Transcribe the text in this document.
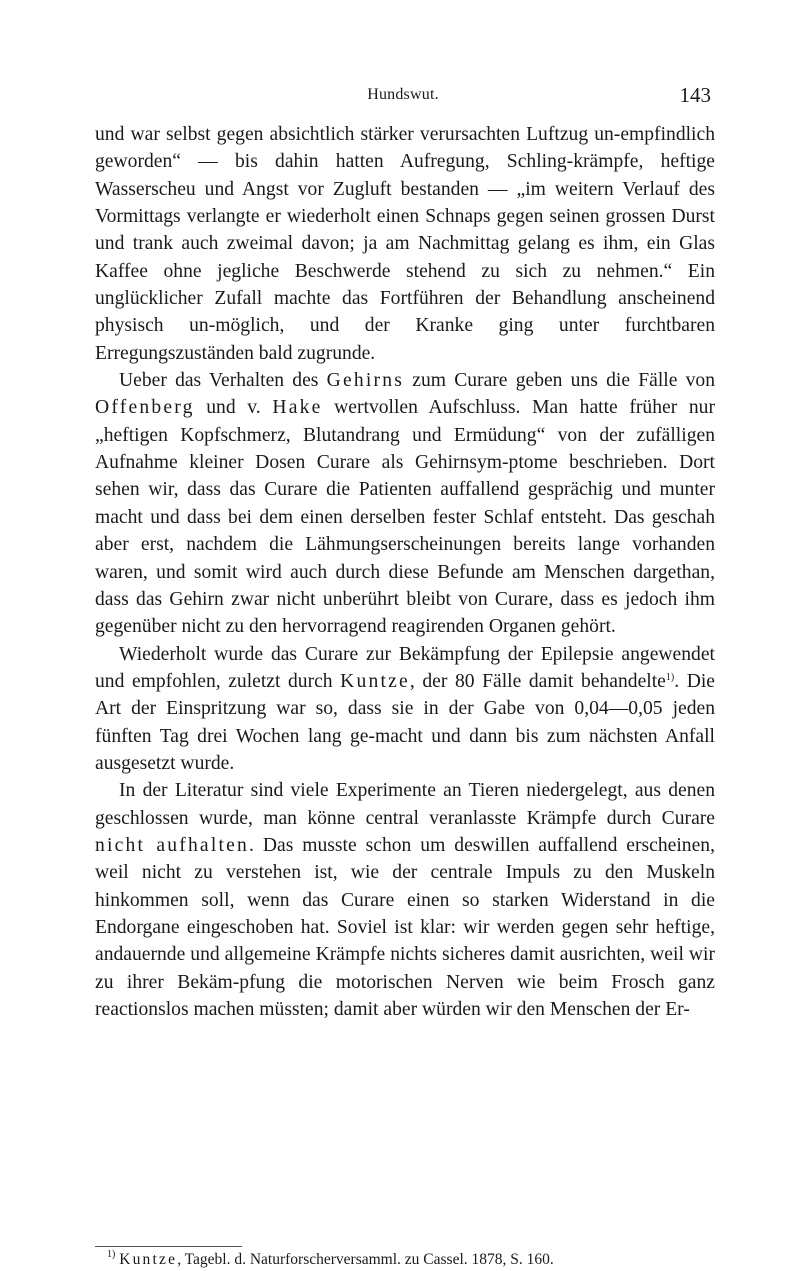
Hundswut.	143

und war selbst gegen absichtlich stärker verursachten Luftzug un-empfindlich geworden“ — bis dahin hatten Aufregung, Schling-krämpfe, heftige Wasserscheu und Angst vor Zugluft bestanden — „im weitern Verlauf des Vormittags verlangte er wiederholt einen Schnaps gegen seinen grossen Durst und trank auch zweimal davon; ja am Nachmittag gelang es ihm, ein Glas Kaffee ohne jegliche Beschwerde stehend zu sich zu nehmen.“ Ein unglücklicher Zufall machte das Fortführen der Behandlung anscheinend physisch un-möglich, und der Kranke ging unter furchtbaren Erregungszuständen bald zugrunde.

Ueber das Verhalten des Gehirns zum Curare geben uns die Fälle von Offenberg und v. Hake wertvollen Aufschluss. Man hatte früher nur „heftigen Kopfschmerz, Blutandrang und Ermüdung“ von der zufälligen Aufnahme kleiner Dosen Curare als Gehirnsym-ptome beschrieben. Dort sehen wir, dass das Curare die Patienten auffallend gesprächig und munter macht und dass bei dem einen derselben fester Schlaf entsteht. Das geschah aber erst, nachdem die Lähmungserscheinungen bereits lange vorhanden waren, und somit wird auch durch diese Befunde am Menschen dargethan, dass das Gehirn zwar nicht unberührt bleibt von Curare, dass es jedoch ihm gegenüber nicht zu den hervorragend reagirenden Organen gehört.

Wiederholt wurde das Curare zur Bekämpfung der Epilepsie angewendet und empfohlen, zuletzt durch Kuntze, der 80 Fälle damit behandelte$^{1)}$. Die Art der Einspritzung war so, dass sie in der Gabe von 0,04—0,05 jeden fünften Tag drei Wochen lang ge-macht und dann bis zum nächsten Anfall ausgesetzt wurde.

In der Literatur sind viele Experimente an Tieren niedergelegt, aus denen geschlossen wurde, man könne central veranlasste Krämpfe durch Curare nicht aufhalten. Das musste schon um deswillen auffallend erscheinen, weil nicht zu verstehen ist, wie der centrale Impuls zu den Muskeln hinkommen soll, wenn das Curare einen so starken Widerstand in die Endorgane eingeschoben hat. Soviel ist klar: wir werden gegen sehr heftige, andauernde und allgemeine Krämpfe nichts sicheres damit ausrichten, weil wir zu ihrer Bekäm-pfung die motorischen Nerven wie beim Frosch ganz reactionslos machen müssten; damit aber würden wir den Menschen der Er-

$^{1)}$ Kuntze, Tagebl. d. Naturforscherversamml. zu Cassel. 1878, S. 160.
